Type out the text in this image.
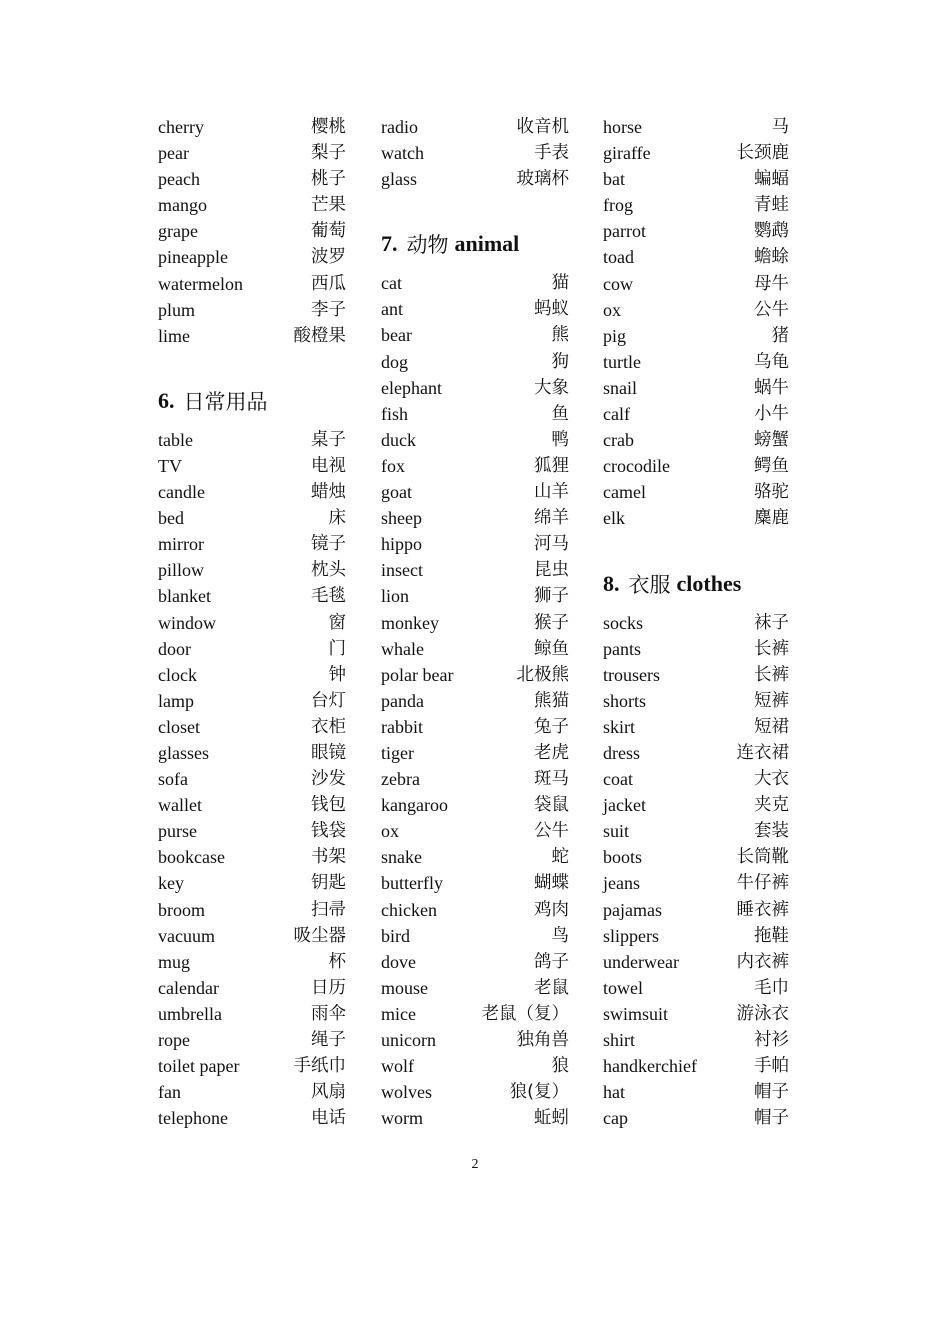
cherry	樱桃
pear	梨子
peach	桃子
mango	芒果
grape	葡萄
pineapple	波罗
watermelon	西瓜
plum	李子
lime	酸橙果
6. 日常用品
table	桌子
TV	电视
candle	蜡烛
bed	床
mirror	镜子
pillow	枕头
blanket	毛毯
window	窗
door	门
clock	钟
lamp	台灯
closet	衣柜
glasses	眼镜
sofa	沙发
wallet	钱包
purse	钱袋
bookcase	书架
key	钥匙
broom	扫帚
vacuum	吸尘器
mug	杯
calendar	日历
umbrella	雨伞
rope	绳子
toilet paper	手纸巾
fan	风扇
telephone	电话
radio	收音机
watch	手表
glass	玻璃杯
7. 动物 animal
cat	猫
ant	蚂蚁
bear	熊
dog	狗
elephant	大象
fish	鱼
duck	鸭
fox	狐狸
goat	山羊
sheep	绵羊
hippo	河马
insect	昆虫
lion	狮子
monkey	猴子
whale	鲸鱼
polar bear	北极熊
panda	熊猫
rabbit	兔子
tiger	老虎
zebra	斑马
kangaroo	袋鼠
ox	公牛
snake	蛇
butterfly	蝴蝶
chicken	鸡肉
bird	鸟
dove	鸽子
mouse	老鼠
mice	老鼠（复）
unicorn	独角兽
wolf	狼
wolves	狼(复）
worm	蚯蚓
horse	马
giraffe	长颈鹿
bat	蝙蝠
frog	青蛙
parrot	鹦鹉
toad	蟾蜍
cow	母牛
ox	公牛
pig	猪
turtle	乌龟
snail	蜗牛
calf	小牛
crab	螃蟹
crocodile	鳄鱼
camel	骆驼
elk	麋鹿
8. 衣服 clothes
socks	袜子
pants	长裤
trousers	长裤
shorts	短裤
skirt	短裙
dress	连衣裙
coat	大衣
jacket	夹克
suit	套装
boots	长筒靴
jeans	牛仔裤
pajamas	睡衣裤
slippers	拖鞋
underwear	内衣裤
towel	毛巾
swimsuit	游泳衣
shirt	衬衫
handkerchief	手帕
hat	帽子
cap	帽子
2
